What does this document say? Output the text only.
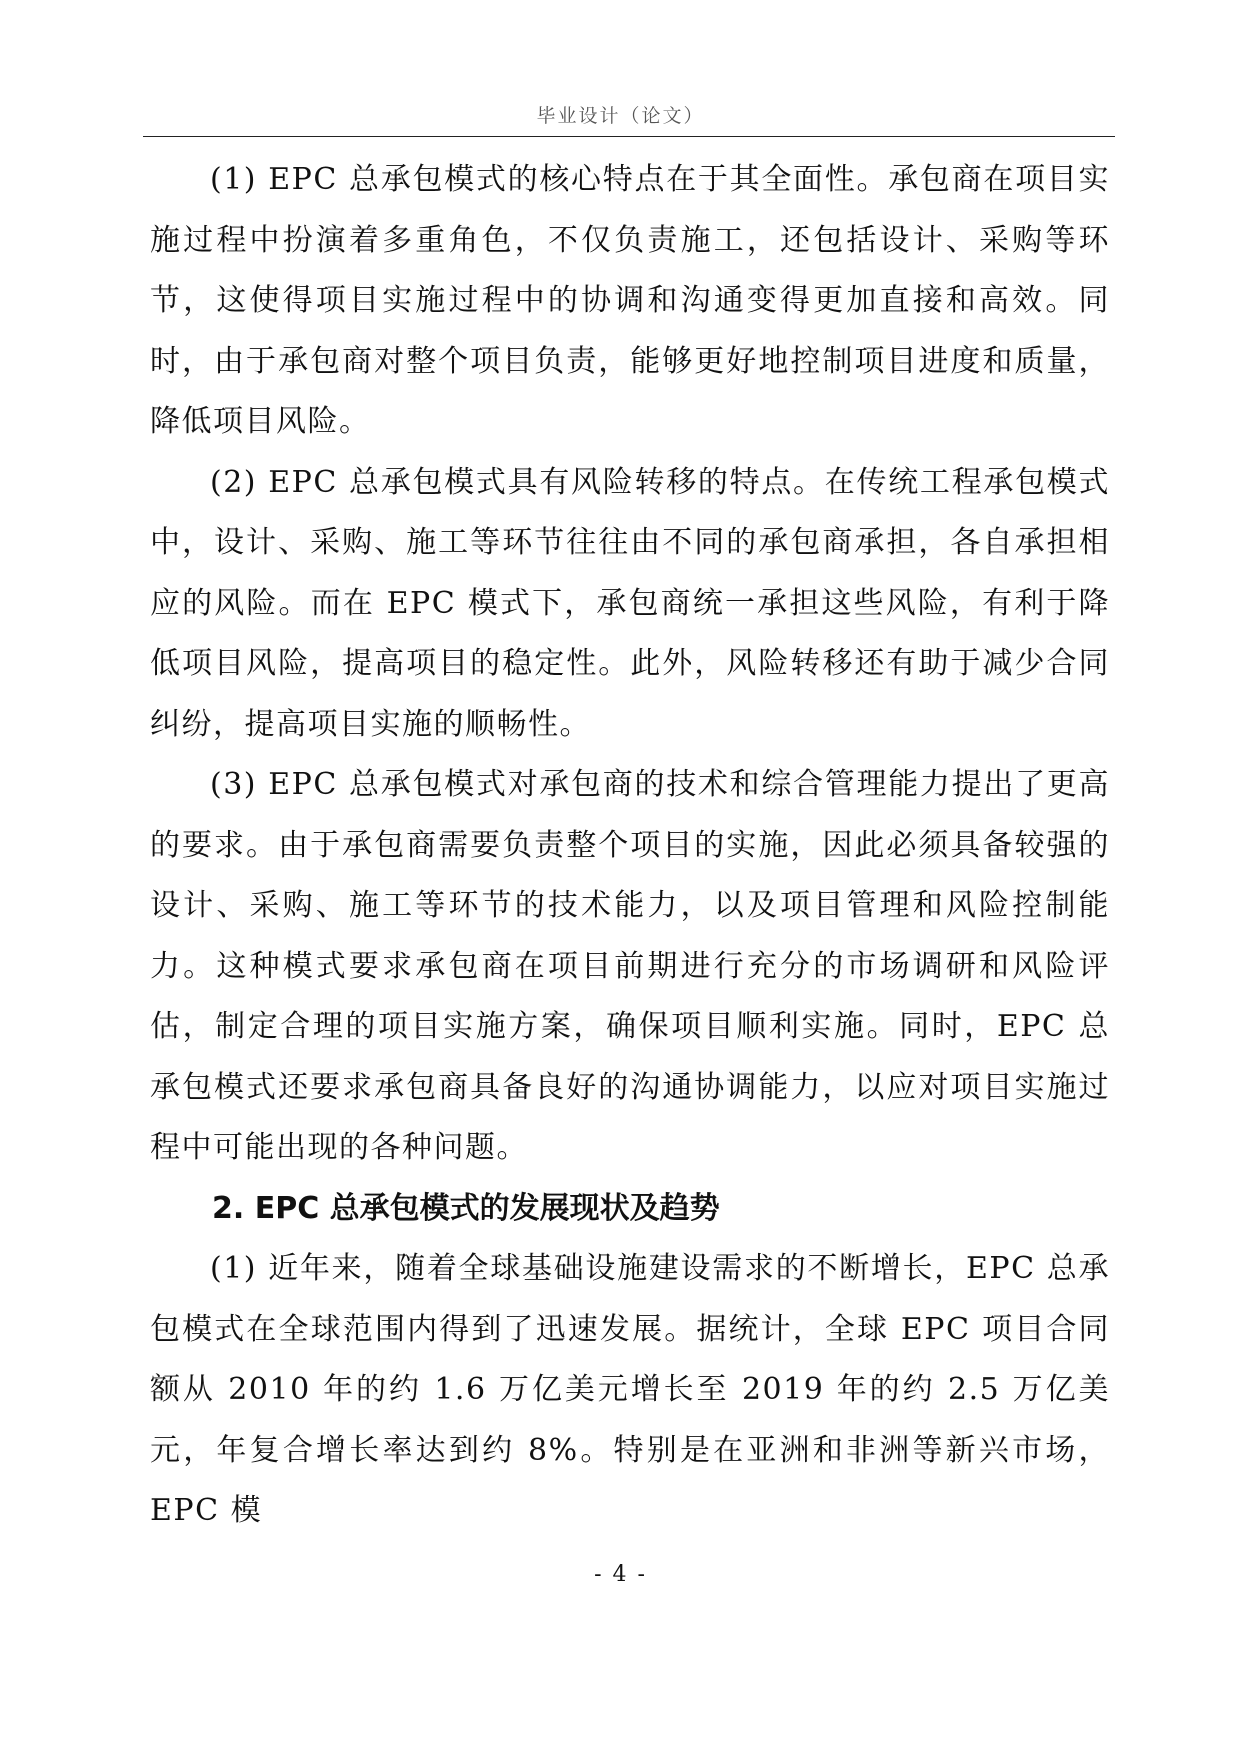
毕业设计（论文）

(1) EPC 总承包模式的核心特点在于其全面性。承包商在项目实施过程中扮演着多重角色，不仅负责施工，还包括设计、采购等环节，这使得项目实施过程中的协调和沟通变得更加直接和高效。同时，由于承包商对整个项目负责，能够更好地控制项目进度和质量，降低项目风险。

(2) EPC 总承包模式具有风险转移的特点。在传统工程承包模式中，设计、采购、施工等环节往往由不同的承包商承担，各自承担相应的风险。而在 EPC 模式下，承包商统一承担这些风险，有利于降低项目风险，提高项目的稳定性。此外，风险转移还有助于减少合同纠纷，提高项目实施的顺畅性。

(3) EPC 总承包模式对承包商的技术和综合管理能力提出了更高的要求。由于承包商需要负责整个项目的实施，因此必须具备较强的设计、采购、施工等环节的技术能力，以及项目管理和风险控制能力。这种模式要求承包商在项目前期进行充分的市场调研和风险评估，制定合理的项目实施方案，确保项目顺利实施。同时，EPC 总承包模式还要求承包商具备良好的沟通协调能力，以应对项目实施过程中可能出现的各种问题。

2. EPC 总承包模式的发展现状及趋势

(1) 近年来，随着全球基础设施建设需求的不断增长，EPC 总承包模式在全球范围内得到了迅速发展。据统计，全球 EPC 项目合同额从 2010 年的约 1.6 万亿美元增长至 2019 年的约 2.5 万亿美元，年复合增长率达到约 8%。特别是在亚洲和非洲等新兴市场，EPC 模

- 4 -
